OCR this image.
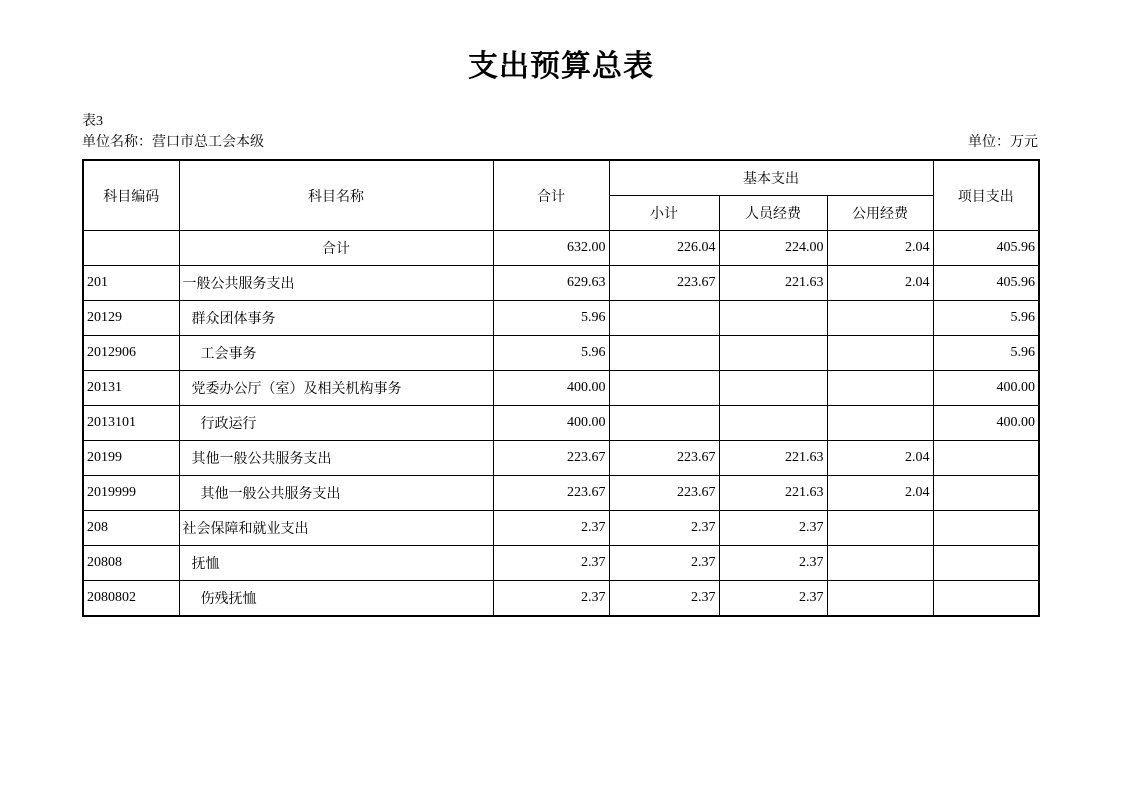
支出预算总表
表3
单位名称：营口市总工会本级	单位：万元
科目编码	科目名称	合计	基本支出			项目支出
			小计	人员经费	公用经费	
	合计	632.00	226.04	224.00	2.04	405.96
201	一般公共服务支出	629.63	223.67	221.63	2.04	405.96
20129	群众团体事务	5.96				5.96
2012906	工会事务	5.96				5.96
20131	党委办公厅（室）及相关机构事务	400.00				400.00
2013101	行政运行	400.00				400.00
20199	其他一般公共服务支出	223.67	223.67	221.63	2.04	
2019999	其他一般公共服务支出	223.67	223.67	221.63	2.04	
208	社会保障和就业支出	2.37	2.37	2.37		
20808	抚恤	2.37	2.37	2.37		
2080802	伤残抚恤	2.37	2.37	2.37		
